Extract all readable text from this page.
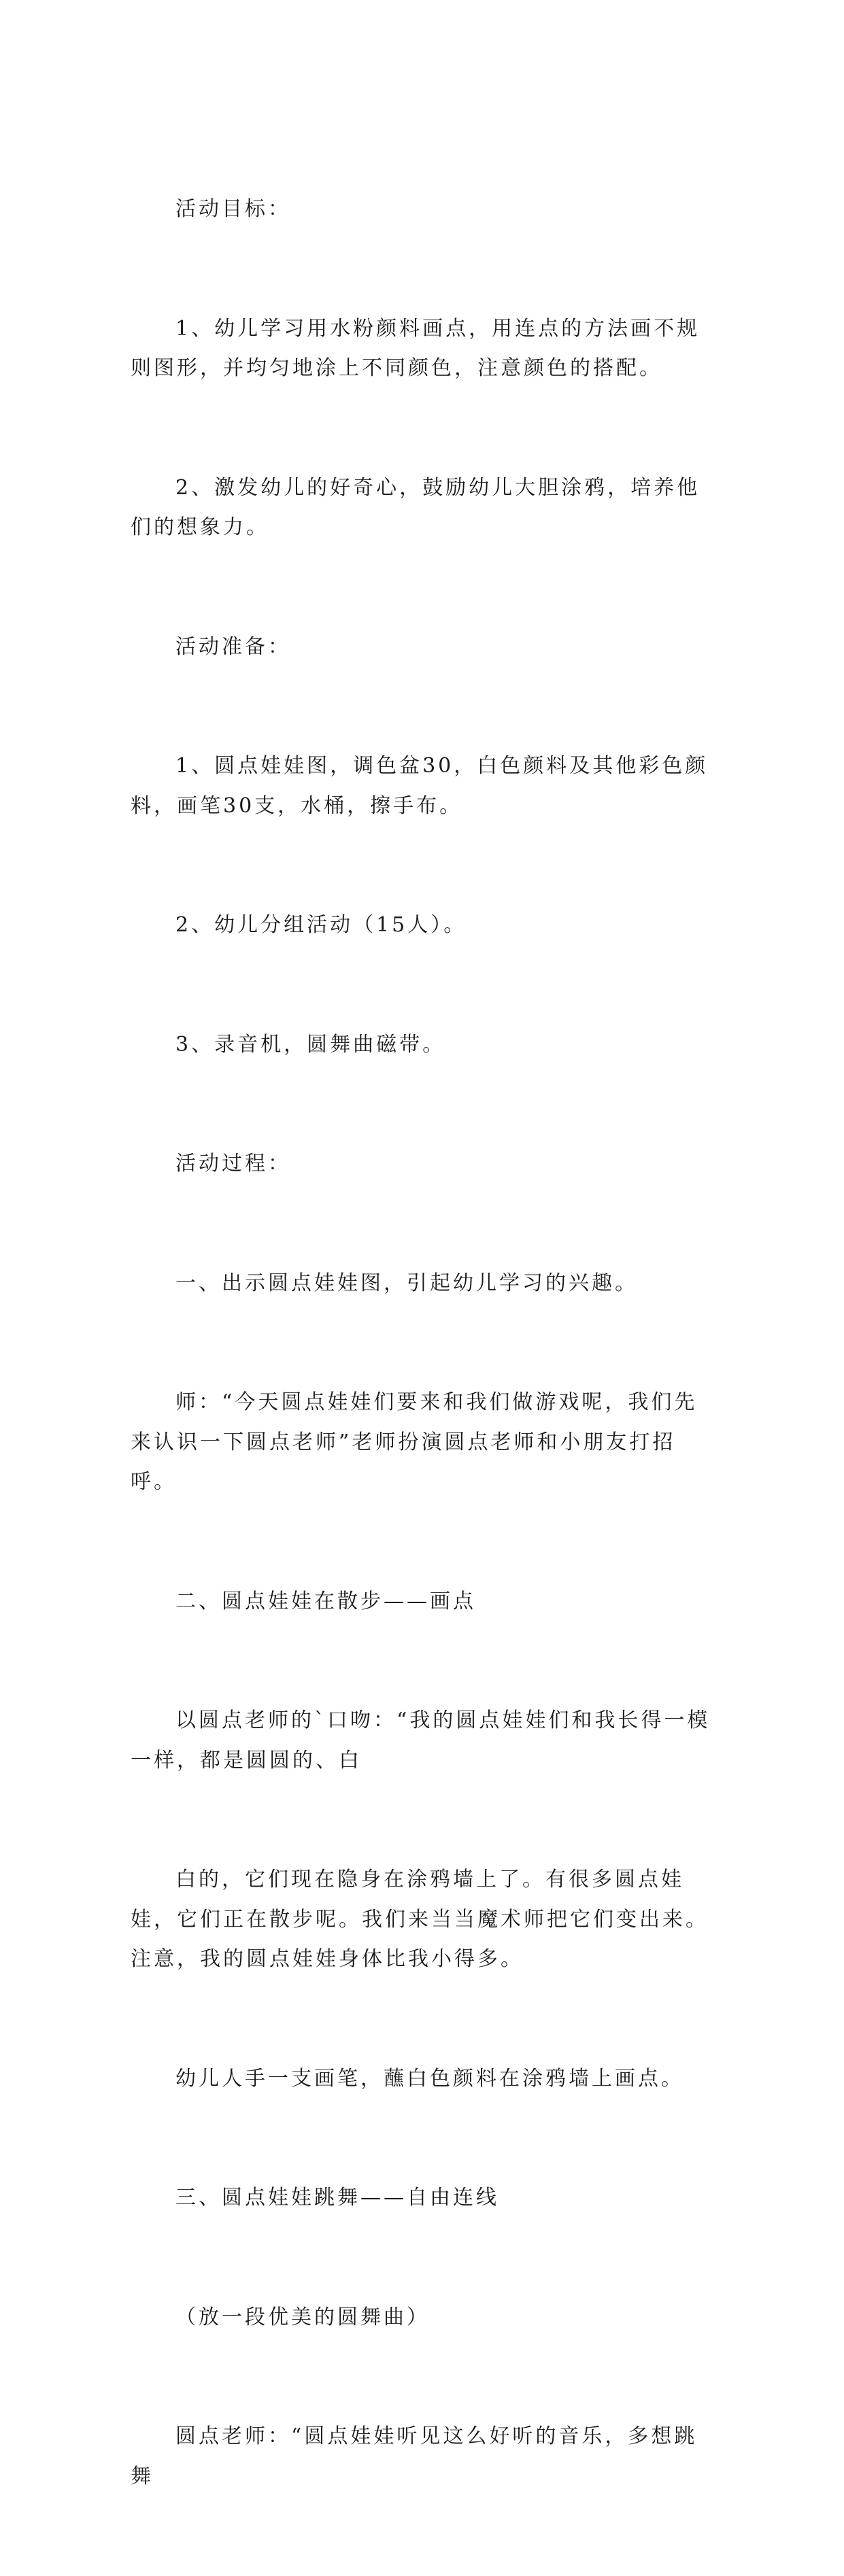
活动目标：

1、幼儿学习用水粉颜料画点，用连点的方法画不规则图形，并均匀地涂上不同颜色，注意颜色的搭配。

2、激发幼儿的好奇心，鼓励幼儿大胆涂鸦，培养他们的想象力。

活动准备：

1、圆点娃娃图，调色盆30，白色颜料及其他彩色颜料，画笔30支，水桶，擦手布。

2、幼儿分组活动（15人）。

3、录音机，圆舞曲磁带。

活动过程：

一、出示圆点娃娃图，引起幼儿学习的兴趣。

师：“今天圆点娃娃们要来和我们做游戏呢，我们先来认识一下圆点老师”老师扮演圆点老师和小朋友打招呼。

二、圆点娃娃在散步——画点

以圆点老师的`口吻：“我的圆点娃娃们和我长得一模一样，都是圆圆的、白

白的，它们现在隐身在涂鸦墙上了。有很多圆点娃娃，它们正在散步呢。我们来当当魔术师把它们变出来。注意，我的圆点娃娃身体比我小得多。

幼儿人手一支画笔，蘸白色颜料在涂鸦墙上画点。

三、圆点娃娃跳舞——自由连线

（放一段优美的圆舞曲）

圆点老师：“圆点娃娃听见这么好听的音乐，多想跳舞
